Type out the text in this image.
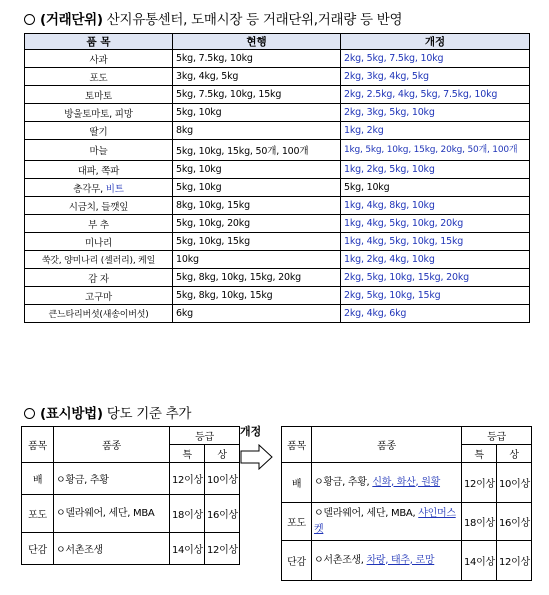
(거래단위) 산지유통센터, 도매시장 등 거래단위,거래량 등 반영
품 목	현행	개정
사과	5kg, 7.5kg, 10kg	2kg, 5kg, 7.5kg, 10kg
포도	3kg, 4kg, 5kg	2kg, 3kg, 4kg, 5kg
토마토	5kg, 7.5kg, 10kg, 15kg	2kg, 2.5kg, 4kg, 5kg, 7.5kg, 10kg
방울토마토, 피망	5kg, 10kg	2kg, 3kg, 5kg, 10kg
딸기	8kg	1kg, 2kg
마늘	5kg, 10kg, 15kg, 50개, 100개	1kg, 5kg, 10kg, 15kg, 20kg, 50개, 100개
대파, 쪽파	5kg, 10kg	1kg, 2kg, 5kg, 10kg
총각무, 비트	5kg, 10kg	5kg, 10kg
시금치, 들깻잎	8kg, 10kg, 15kg	1kg, 4kg, 8kg, 10kg
부 추	5kg, 10kg, 20kg	1kg, 4kg, 5kg, 10kg, 20kg
미나리	5kg, 10kg, 15kg	1kg, 4kg, 5kg, 10kg, 15kg
쑥갓, 양미나리 (셀러리), 케일	10kg	1kg, 2kg, 4kg, 10kg
감 자	5kg, 8kg, 10kg, 15kg, 20kg	2kg, 5kg, 10kg, 15kg, 20kg
고구마	5kg, 8kg, 10kg, 15kg	2kg, 5kg, 10kg, 15kg
큰느타리버섯(새송이버섯)	6kg	2kg, 4kg, 6kg
(표시방법) 당도 기준 추가
품목	품종	등급	
		특	상
배	ㅇ황금, 추황	12이상	10이상
포도	ㅇ델라웨어, 세단, MBA	18이상	16이상
단감	ㅇ서촌조생	14이상	12이상
개정
품목	품종	등급	
		특	상
배	ㅇ황금, 추황, 신화, 화산, 원황	12이상	10이상
포도	ㅇ델라웨어, 세단, MBA, 샤인머스켓	18이상	16이상
단감	ㅇ서촌조생, 차랑, 태추, 로망	14이상	12이상
